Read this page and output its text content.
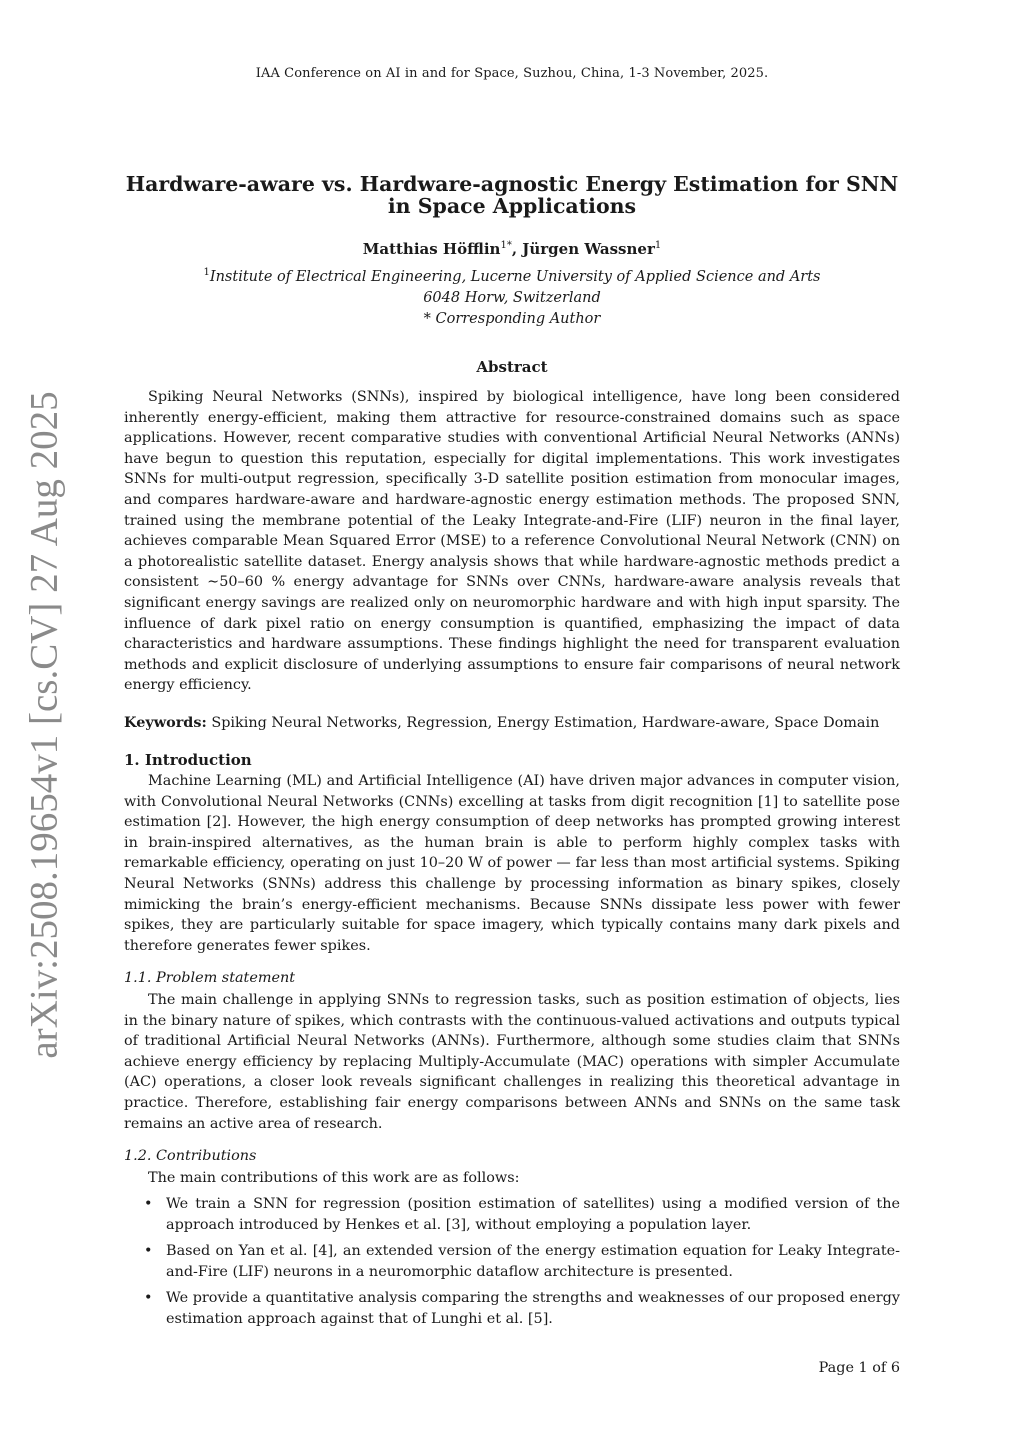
IAA Conference on AI in and for Space, Suzhou, China, 1-3 November, 2025.
arXiv:2508.19654v1 [cs.CV] 27 Aug 2025
Hardware-aware vs. Hardware-agnostic Energy Estimation for SNN in Space Applications
Matthias Höfflin$^{1*}$, Jürgen Wassner$^1$
$^1$Institute of Electrical Engineering, Lucerne University of Applied Science and Arts
6048 Horw, Switzerland
* Corresponding Author
Abstract
Spiking Neural Networks (SNNs), inspired by biological intelligence, have long been considered inherently energy-efficient, making them attractive for resource-constrained domains such as space applications. However, recent comparative studies with conventional Artificial Neural Networks (ANNs) have begun to question this reputation, especially for digital implementations. This work investigates SNNs for multi-output regression, specifically 3-D satellite position estimation from monocular images, and compares hardware-aware and hardware-agnostic energy estimation methods. The proposed SNN, trained using the membrane potential of the Leaky Integrate-and-Fire (LIF) neuron in the final layer, achieves comparable Mean Squared Error (MSE) to a reference Convolutional Neural Network (CNN) on a photorealistic satellite dataset. Energy analysis shows that while hardware-agnostic methods predict a consistent ∼50–60 % energy advantage for SNNs over CNNs, hardware-aware analysis reveals that significant energy savings are realized only on neuromorphic hardware and with high input sparsity. The influence of dark pixel ratio on energy consumption is quantified, emphasizing the impact of data characteristics and hardware assumptions. These findings highlight the need for transparent evaluation methods and explicit disclosure of underlying assumptions to ensure fair comparisons of neural network energy efficiency.
Keywords: Spiking Neural Networks, Regression, Energy Estimation, Hardware-aware, Space Domain
1. Introduction
Machine Learning (ML) and Artificial Intelligence (AI) have driven major advances in computer vision, with Convolutional Neural Networks (CNNs) excelling at tasks from digit recognition [1] to satellite pose estimation [2]. However, the high energy consumption of deep networks has prompted growing interest in brain-inspired alternatives, as the human brain is able to perform highly complex tasks with remarkable efficiency, operating on just 10–20 W of power — far less than most artificial systems. Spiking Neural Networks (SNNs) address this challenge by processing information as binary spikes, closely mimicking the brain’s energy-efficient mechanisms. Because SNNs dissipate less power with fewer spikes, they are particularly suitable for space imagery, which typically contains many dark pixels and therefore generates fewer spikes.
1.1. Problem statement
The main challenge in applying SNNs to regression tasks, such as position estimation of objects, lies in the binary nature of spikes, which contrasts with the continuous-valued activations and outputs typical of traditional Artificial Neural Networks (ANNs). Furthermore, although some studies claim that SNNs achieve energy efficiency by replacing Multiply-Accumulate (MAC) operations with simpler Accumulate (AC) operations, a closer look reveals significant challenges in realizing this theoretical advantage in practice. Therefore, establishing fair energy comparisons between ANNs and SNNs on the same task remains an active area of research.
1.2. Contributions
The main contributions of this work are as follows:
• We train a SNN for regression (position estimation of satellites) using a modified version of the approach introduced by Henkes et al. [3], without employing a population layer.
• Based on Yan et al. [4], an extended version of the energy estimation equation for Leaky Integrate-and-Fire (LIF) neurons in a neuromorphic dataflow architecture is presented.
• We provide a quantitative analysis comparing the strengths and weaknesses of our proposed energy estimation approach against that of Lunghi et al. [5].
Page 1 of 6
